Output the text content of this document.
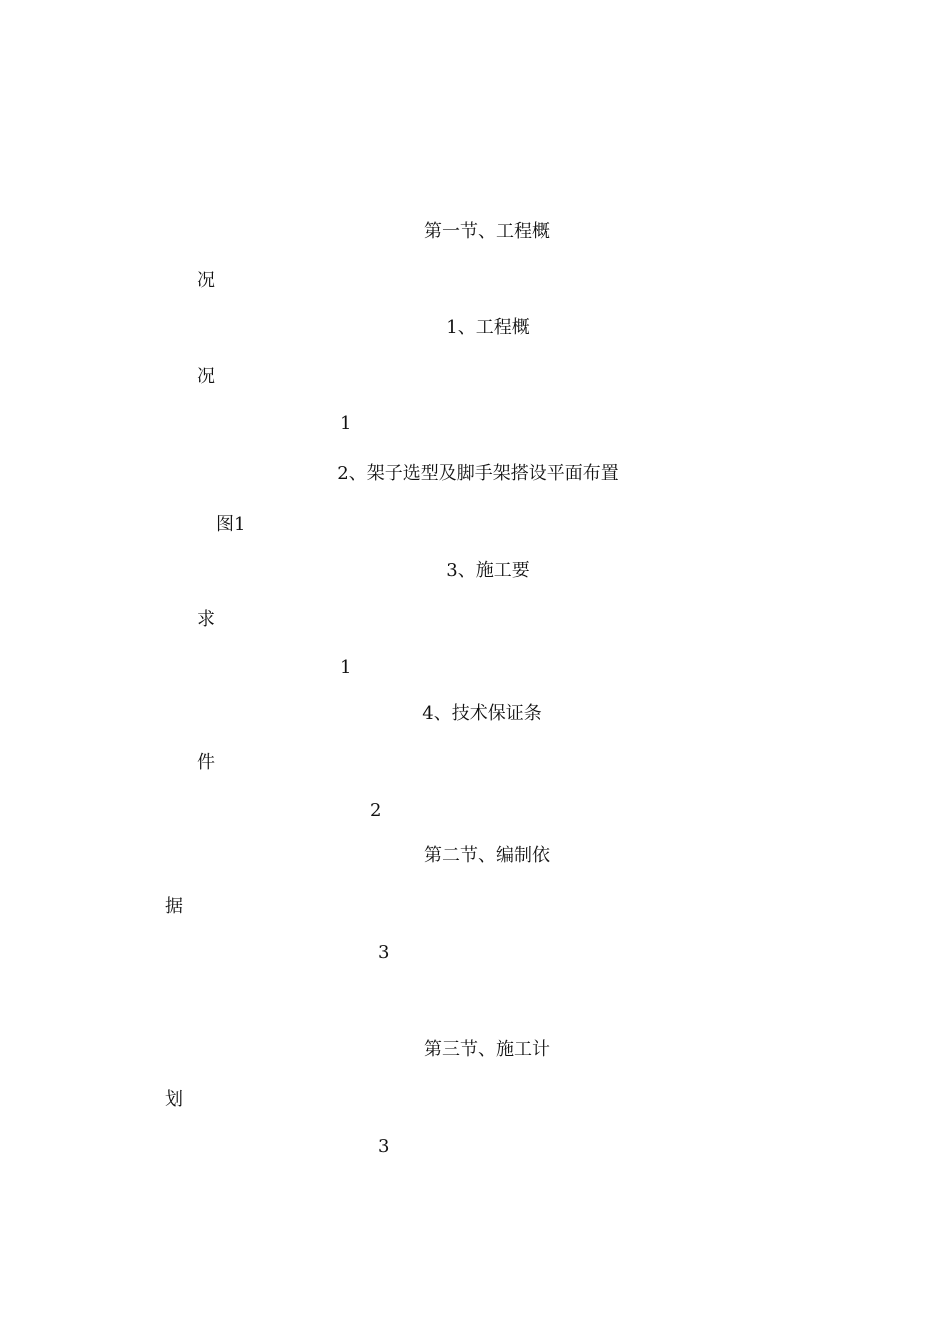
第一节、工程概
况
1、工程概
况
1
2、架子选型及脚手架搭设平面布置
图1
3、施工要
求
1
4、技术保证条
件
2
第二节、编制依
据
3
第三节、施工计
划
3
